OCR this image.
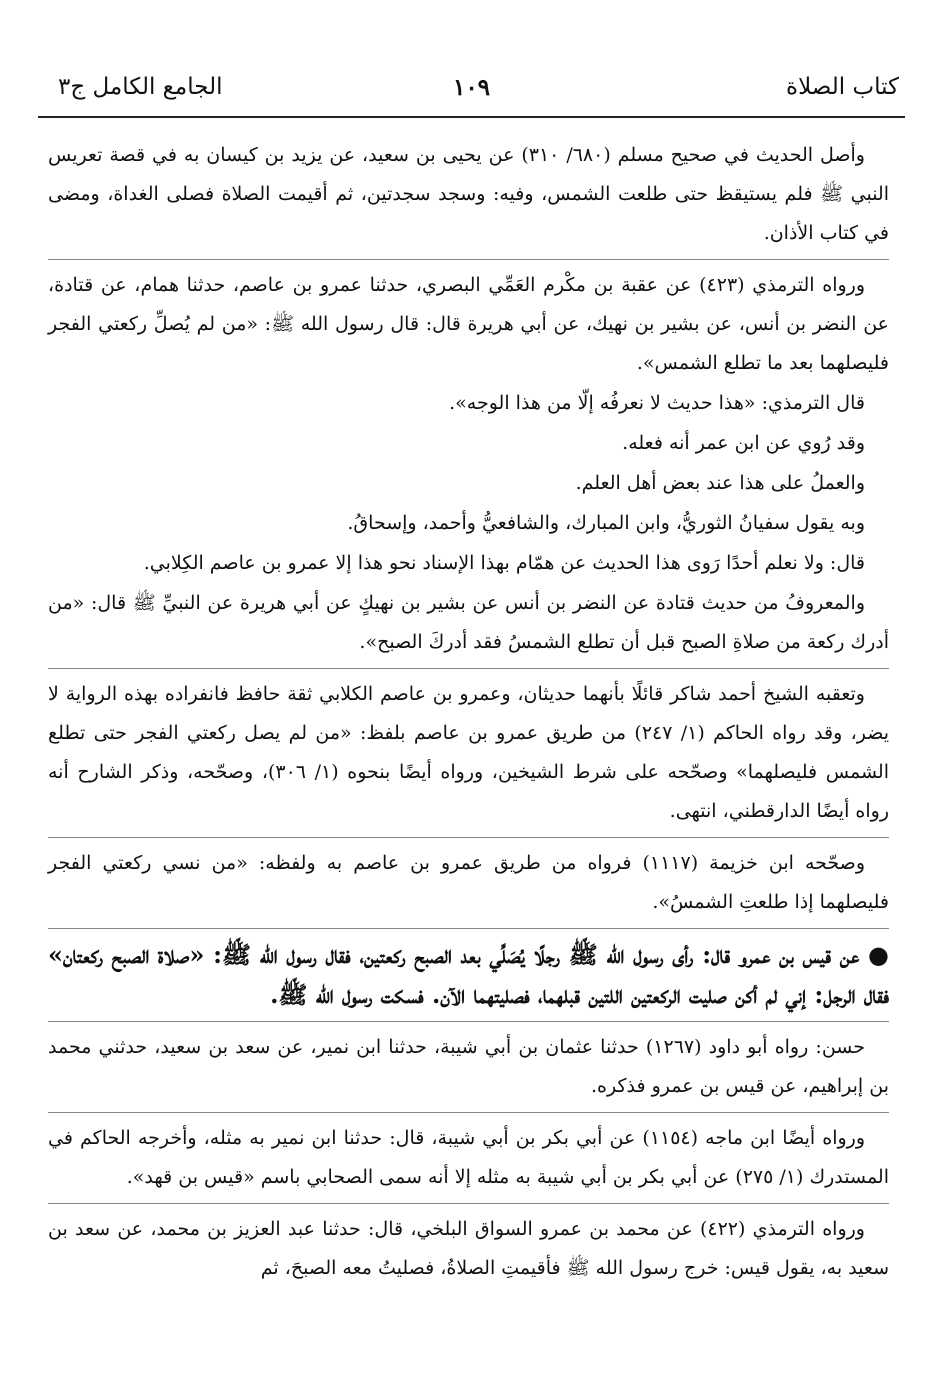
كتاب الصلاة
١٠٩
الجامع الكامل ج٣

وأصل الحديث في صحيح مسلم (٦٨٠/ ٣١٠) عن يحيى بن سعيد، عن يزيد بن كيسان به في قصة تعريس النبي ﷺ فلم يستيقظ حتى طلعت الشمس، وفيه: وسجد سجدتين، ثم أقيمت الصلاة فصلى الغداة، ومضى في كتاب الأذان.

ورواه الترمذي (٤٢٣) عن عقبة بن مكْرم العَمِّي البصري، حدثنا عمرو بن عاصم، حدثنا همام، عن قتادة، عن النضر بن أنس، عن بشير بن نهيك، عن أبي هريرة قال: قال رسول الله ﷺ: «من لم يُصلِّ ركعتي الفجر فليصلهما بعد ما تطلع الشمس».

قال الترمذي: «هذا حديث لا نعرفُه إلّا من هذا الوجه».

وقد رُوي عن ابن عمر أنه فعله.

والعملُ على هذا عند بعض أهل العلم.

وبه يقول سفيانُ الثوريُّ، وابن المبارك، والشافعيُّ وأحمد، وإسحاقُ.

قال: ولا نعلم أحدًا رَوى هذا الحديث عن همّام بهذا الإسناد نحو هذا إلا عمرو بن عاصم الكِلابي.

والمعروفُ من حديث قتادة عن النضر بن أنس عن بشير بن نهيكٍ عن أبي هريرة عن النبيِّ ﷺ قال: «من أدرك ركعة من صلاةِ الصبح قبل أن تطلع الشمسُ فقد أدركَ الصبح».

وتعقبه الشيخ أحمد شاكر قائلًا بأنهما حديثان، وعمرو بن عاصم الكلابي ثقة حافظ فانفراده بهذه الرواية لا يضر، وقد رواه الحاكم (١/ ٢٤٧) من طريق عمرو بن عاصم بلفظ: «من لم يصل ركعتي الفجر حتى تطلع الشمس فليصلهما» وصحّحه على شرط الشيخين، ورواه أيضًا بنحوه (١/ ٣٠٦)، وصحّحه، وذكر الشارح أنه رواه أيضًا الدارقطني، انتهى.

وصحّحه ابن خزيمة (١١١٧) فرواه من طريق عمرو بن عاصم به ولفظه: «من نسي ركعتي الفجر فليصلهما إذا طلعتِ الشمسُ».

● عن قيس بن عمرو قال: رأى رسول الله ﷺ رجلًا يُصَلِّي بعد الصبح ركعتين، فقال رسول الله ﷺ: «صلاة الصبح ركعتان» فقال الرجل: إني لم أكن صليت الركعتين اللتين قبلهما، فصليتهما الآن. فسكت رسول الله ﷺ.

حسن: رواه أبو داود (١٢٦٧) حدثنا عثمان بن أبي شيبة، حدثنا ابن نمير، عن سعد بن سعيد، حدثني محمد بن إبراهيم، عن قيس بن عمرو فذكره.

ورواه أيضًا ابن ماجه (١١٥٤) عن أبي بكر بن أبي شيبة، قال: حدثنا ابن نمير به مثله، وأخرجه الحاكم في المستدرك (١/ ٢٧٥) عن أبي بكر بن أبي شيبة به مثله إلا أنه سمى الصحابي باسم «قيس بن قهد».

ورواه الترمذي (٤٢٢) عن محمد بن عمرو السواق البلخي، قال: حدثنا عبد العزيز بن محمد، عن سعد بن سعيد به، يقول قيس: خرج رسول الله ﷺ فأقيمتِ الصلاةُ، فصليتُ معه الصبحَ، ثم
